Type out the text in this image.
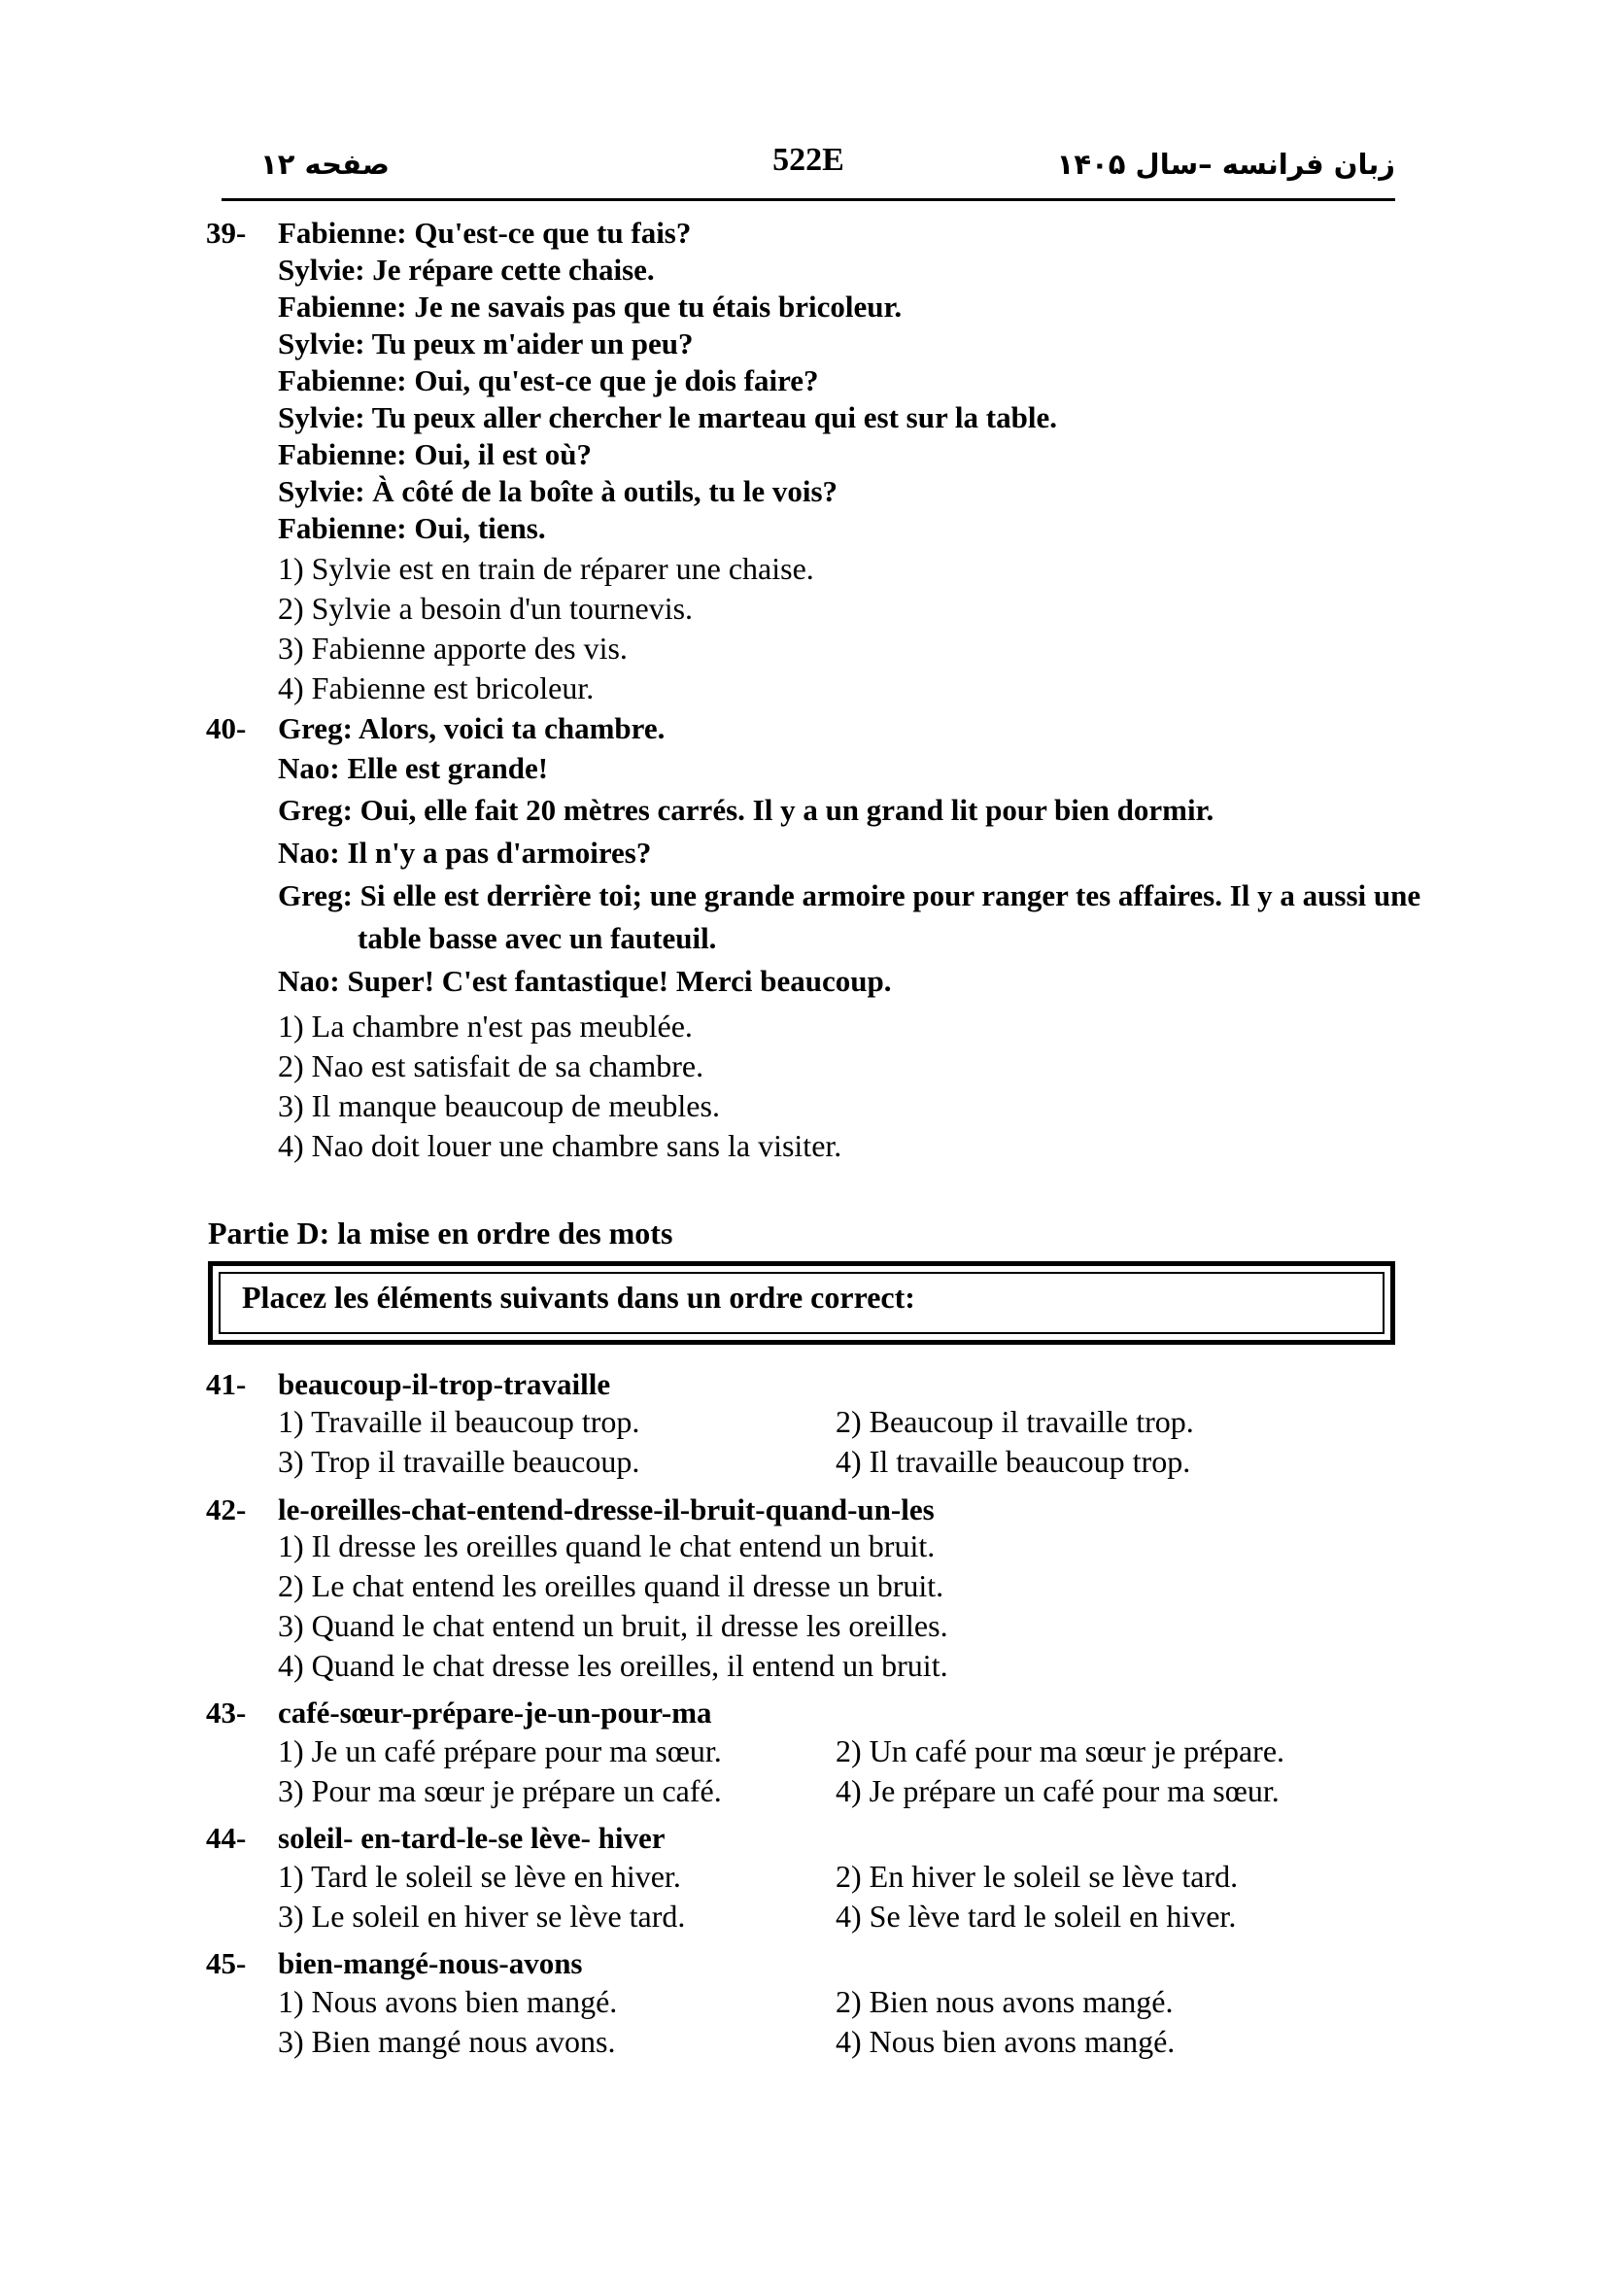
صفحه ۱۲	522E	زبان فرانسه –سال ۱۴۰۵
39- Fabienne: Qu'est-ce que tu fais?
Sylvie: Je répare cette chaise.
Fabienne: Je ne savais pas que tu étais bricoleur.
Sylvie: Tu peux m'aider un peu?
Fabienne: Oui, qu'est-ce que je dois faire?
Sylvie: Tu peux aller chercher le marteau qui est sur la table.
Fabienne: Oui, il est où?
Sylvie: À côté de la boîte à outils, tu le vois?
Fabienne: Oui, tiens.
1) Sylvie est en train de réparer une chaise.
2) Sylvie a besoin d'un tournevis.
3) Fabienne apporte des vis.
4) Fabienne est bricoleur.
40- Greg: Alors, voici ta chambre.
Nao: Elle est grande!
Greg: Oui, elle fait 20 mètres carrés. Il y a un grand lit pour bien dormir.
Nao: Il n'y a pas d'armoires?
Greg: Si elle est derrière toi; une grande armoire pour ranger tes affaires. Il y a aussi une
table basse avec un fauteuil.
Nao: Super! C'est fantastique! Merci beaucoup.
1) La chambre n'est pas meublée.
2) Nao est satisfait de sa chambre.
3) Il manque beaucoup de meubles.
4) Nao doit louer une chambre sans la visiter.
Partie D: la mise en ordre des mots
Placez les éléments suivants dans un ordre correct:
41- beaucoup-il-trop-travaille
1) Travaille il beaucoup trop.	2) Beaucoup il travaille trop.
3) Trop il travaille beaucoup.	4) Il travaille beaucoup trop.
42- le-oreilles-chat-entend-dresse-il-bruit-quand-un-les
1) Il dresse les oreilles quand le chat entend un bruit.
2) Le chat entend les oreilles quand il dresse un bruit.
3) Quand le chat entend un bruit, il dresse les oreilles.
4) Quand le chat dresse les oreilles, il entend un bruit.
43- café-sœur-prépare-je-un-pour-ma
1) Je un café prépare pour ma sœur.	2) Un café pour ma sœur je prépare.
3) Pour ma sœur je prépare un café.	4) Je prépare un café pour ma sœur.
44- soleil- en-tard-le-se lève- hiver
1) Tard le soleil se lève en hiver.	2) En hiver le soleil se lève tard.
3) Le soleil en hiver se lève tard.	4) Se lève tard le soleil en hiver.
45- bien-mangé-nous-avons
1) Nous avons bien mangé.	2) Bien nous avons mangé.
3) Bien mangé nous avons.	4) Nous bien avons mangé.
